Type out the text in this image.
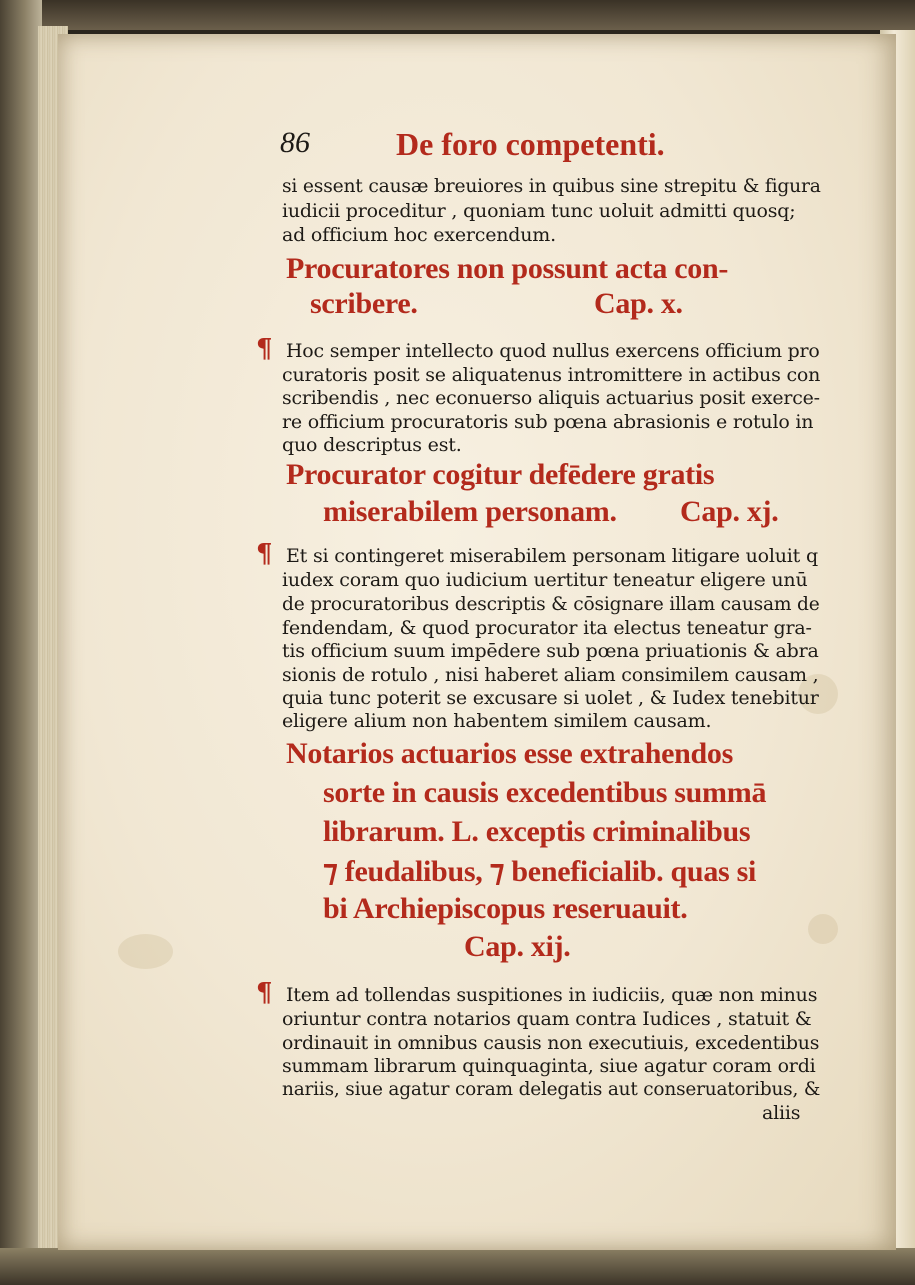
86	De foro competenti.
si essent causæ breuiores in quibus sine strepitu & figura
iudicii proceditur , quoniam tunc uoluit admitti quosq;
ad officium hoc exercendum.
Procuratores non possunt acta con-
scribere.	Cap. x.
¶ Hoc semper intellecto quod nullus exercens officium pro
curatoris posit se aliquatenus intromittere in actibus con
scribendis , nec econuerso aliquis actuarius posit exerce-
re officium procuratoris sub pœna abrasionis e rotulo in
quo descriptus est.
Procurator cogitur defēdere gratis
miserabilem personam. Cap. xj.
¶ Et si contingeret miserabilem personam litigare uoluit q
iudex coram quo iudicium uertitur teneatur eligere unū
de procuratoribus descriptis & cōsignare illam causam de
fendendam, & quod procurator ita electus teneatur gra-
tis officium suum impēdere sub pœna priuationis & abra
sionis de rotulo , nisi haberet aliam consimilem causam ,
quia tunc poterit se excusare si uolet , & Iudex tenebitur
eligere alium non habentem similem causam.
Notarios actuarios esse extrahendos
sorte in causis excedentibus summā
librarum. L. exceptis criminalibus
⁊ feudalibus, ⁊ beneficialib. quas si
bi Archiepiscopus reseruauit.
Cap. xij.
¶ Item ad tollendas suspitiones in iudiciis, quæ non minus
oriuntur contra notarios quam contra Iudices , statuit &
ordinauit in omnibus causis non executiuis, excedentibus
summam librarum quinquaginta, siue agatur coram ordi
nariis, siue agatur coram delegatis aut conseruatoribus, &
aliis
